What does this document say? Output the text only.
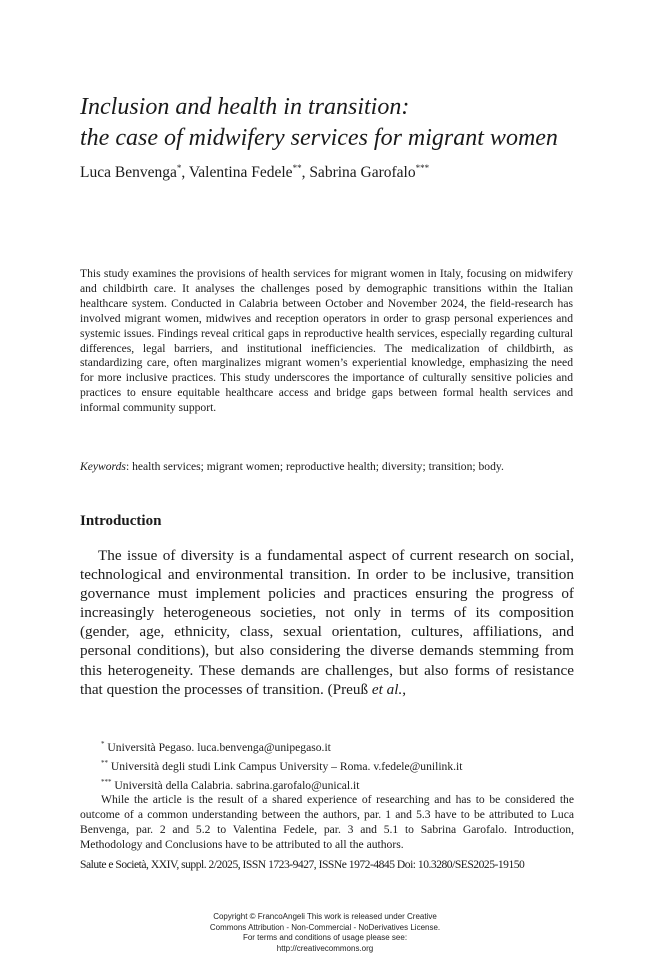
Inclusion and health in transition:
the case of midwifery services for migrant women
Luca Benvenga*, Valentina Fedele**, Sabrina Garofalo***

This study examines the provisions of health services for migrant women in Italy, focusing on midwifery and childbirth care. It analyses the challenges posed by demographic transitions within the Italian healthcare system. Conducted in Calabria between October and November 2024, the field-research has involved migrant women, midwives and reception operators in order to grasp personal experiences and systemic issues. Findings reveal critical gaps in reproductive health services, especially regarding cultural differences, legal barriers, and institutional inefficiencies. The medicalization of childbirth, as standardizing care, often marginalizes migrant women’s experiential knowledge, emphasizing the need for more inclusive practices. This study underscores the importance of culturally sensitive policies and practices to ensure equitable healthcare access and bridge gaps between formal health services and informal community support.

Keywords: health services; migrant women; reproductive health; diversity; transition; body.
Introduction

The issue of diversity is a fundamental aspect of current research on social, technological and environmental transition. In order to be inclusive, transition governance must implement policies and practices ensuring the progress of increasingly heterogeneous societies, not only in terms of its composition (gender, age, ethnicity, class, sexual orientation, cultures, affiliations, and personal conditions), but also considering the diverse demands stemming from this heterogeneity. These demands are challenges, but also forms of resistance that question the processes of transition. (Preuß et al.,

* Università Pegaso. luca.benvenga@unipegaso.it
** Università degli studi Link Campus University – Roma. v.fedele@unilink.it
*** Università della Calabria. sabrina.garofalo@unical.it
While the article is the result of a shared experience of researching and has to be considered the outcome of a common understanding between the authors, par. 1 and 5.3 have to be attributed to Luca Benvenga, par. 2 and 5.2 to Valentina Fedele, par. 3 and 5.1 to Sabrina Garofalo. Introduction, Methodology and Conclusions have to be attributed to all the authors.
Salute e Società, XXIV, suppl. 2/2025, ISSN 1723-9427, ISSNe 1972-4845 Doi: 10.3280/SES2025-19150
Copyright © FrancoAngeli This work is released under Creative
Commons Attribution - Non-Commercial - NoDerivatives License.
For terms and conditions of usage please see:
http://creativecommons.org
